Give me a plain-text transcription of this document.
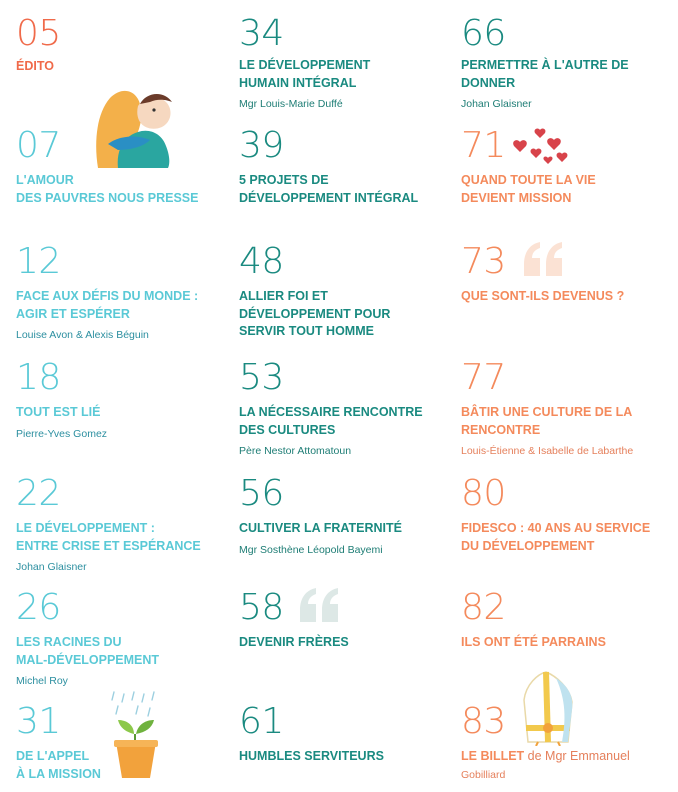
05
ÉDITO
07
L'AMOUR
DES PAUVRES NOUS PRESSE
12
FACE AUX DÉFIS DU MONDE :
AGIR ET ESPÉRER
Louise Avon & Alexis Béguin
18
TOUT EST LIÉ
Pierre-Yves Gomez
22
LE DÉVELOPPEMENT :
ENTRE CRISE ET ESPÉRANCE
Johan Glaisner
26
LES RACINES DU
MAL-DÉVELOPPEMENT
Michel Roy
31
DE L'APPEL
À LA MISSION
34
LE DÉVELOPPEMENT
HUMAIN INTÉGRAL
Mgr Louis-Marie Duffé
39
5 PROJETS DE
DÉVELOPPEMENT INTÉGRAL
48
ALLIER FOI ET
DÉVELOPPEMENT POUR
SERVIR TOUT HOMME
53
LA NÉCESSAIRE RENCONTRE
DES CULTURES
Père Nestor Attomatoun
56
CULTIVER LA FRATERNITÉ
Mgr Sosthène Léopold Bayemi
58
DEVENIR FRÈRES
61
HUMBLES SERVITEURS
66
PERMETTRE À L'AUTRE DE
DONNER
Johan Glaisner
71
QUAND TOUTE LA VIE
DEVIENT MISSION
73
QUE SONT-ILS DEVENUS ?
77
BÂTIR UNE CULTURE DE LA
RENCONTRE
Louis-Étienne & Isabelle de Labarthe
80
FIDESCO : 40 ANS AU SERVICE
DU DÉVELOPPEMENT
82
ILS ONT ÉTÉ PARRAINS
83
LE BILLET de Mgr Emmanuel
Gobilliard
